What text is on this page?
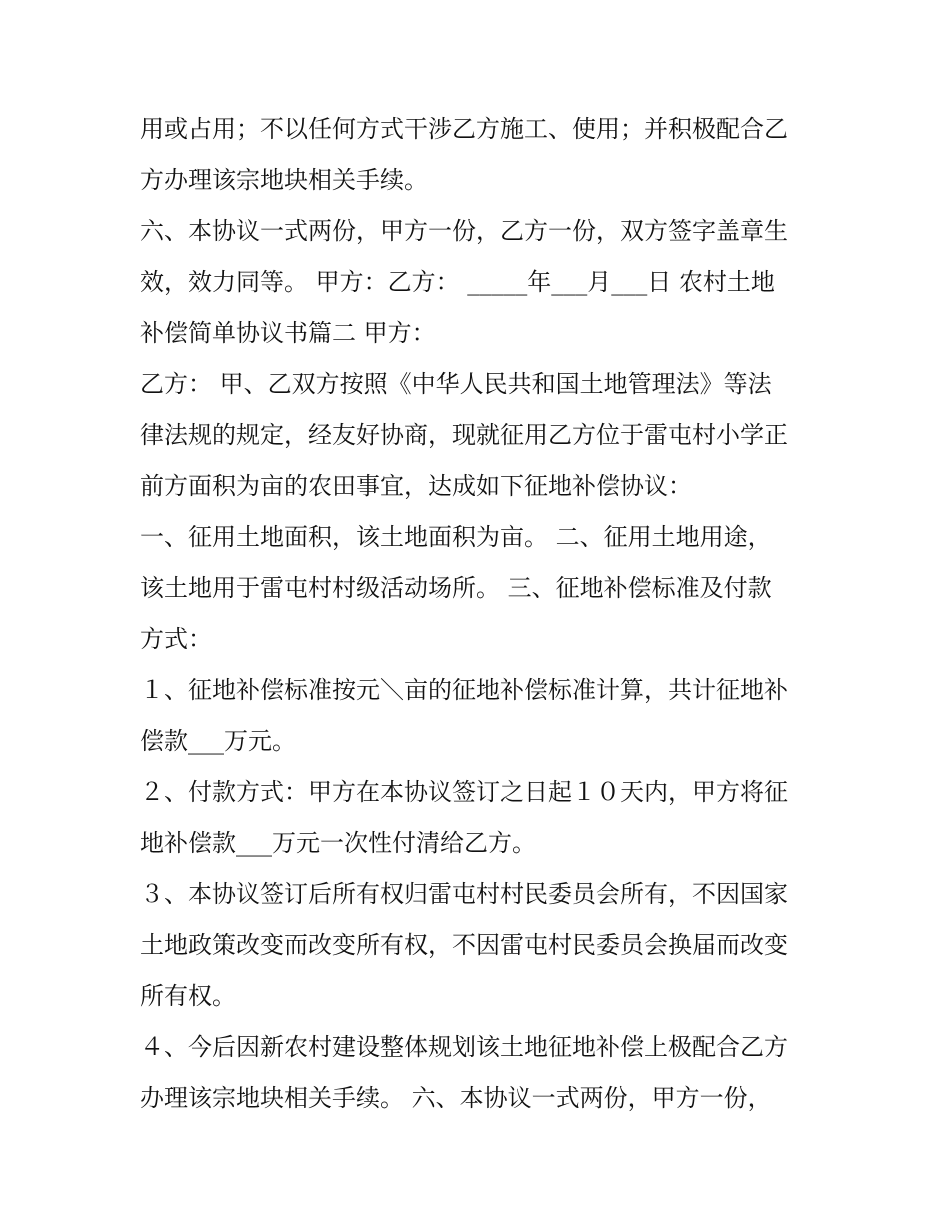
用或占用；不以任何方式干涉乙方施工、使用；并积极配合乙
方办理该宗地块相关手续。
六、本协议一式两份，甲方一份，乙方一份，双方签字盖章生
效，效力同等。 甲方：乙方： _____年___月___日 农村土地
补偿简单协议书篇二 甲方：
乙方： 甲、乙双方按照《中华人民共和国土地管理法》等法
律法规的规定，经友好协商，现就征用乙方位于雷屯村小学正
前方面积为亩的农田事宜，达成如下征地补偿协议：
一、征用土地面积，该土地面积为亩。 二、征用土地用途，
该土地用于雷屯村村级活动场所。 三、征地补偿标准及付款
方式：
１、征地补偿标准按元＼亩的征地补偿标准计算，共计征地补
偿款___万元。
２、付款方式：甲方在本协议签订之日起１０天内，甲方将征
地补偿款___万元一次性付清给乙方。
３、本协议签订后所有权归雷屯村村民委员会所有，不因国家
土地政策改变而改变所有权，不因雷屯村民委员会换届而改变
所有权。
４、今后因新农村建设整体规划该土地征地补偿上极配合乙方
办理该宗地块相关手续。 六、本协议一式两份，甲方一份，
